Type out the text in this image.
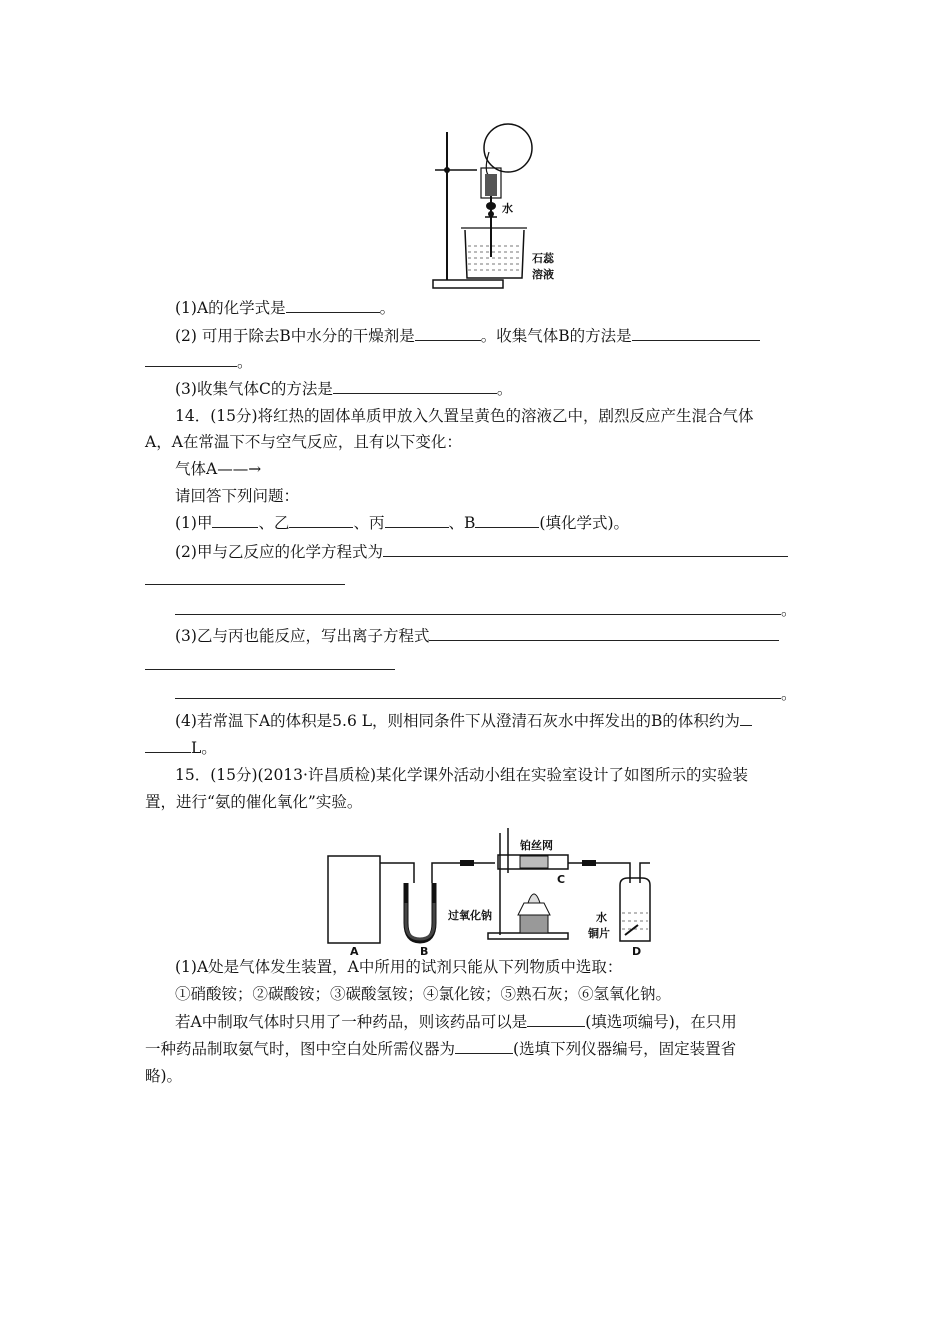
水
石蕊
溶液
(1)A的化学式是	。
(2) 可用于除去B中水分的干燥剂是	。收集气体B的方法是
。
(3)收集气体C的方法是	。
14．(15分)将红热的固体单质甲放入久置呈黄色的溶液乙中，剧烈反应产生混合气体
A，A在常温下不与空气反应，且有以下变化：
气体A——→
请回答下列问题：
(1)甲	、乙	、丙	、B	(填化学式)。
(2)甲与乙反应的化学方程式为
。
(3)乙与丙也能反应，写出离子方程式
。
(4)若常温下A的体积是5.6 L，则相同条件下从澄清石灰水中挥发出的B的体积约为
L。
15．(15分)(2013·许昌质检)某化学课外活动小组在实验室设计了如图所示的实验装
置，进行“氨的催化氧化”实验。
A
过氧化钠
B
铂丝网
C
水
铜片
D
(1)A处是气体发生装置，A中所用的试剂只能从下列物质中选取：
①硝酸铵；②碳酸铵；③碳酸氢铵；④氯化铵；⑤熟石灰；⑥氢氧化钠。
若A中制取气体时只用了一种药品，则该药品可以是	(填选项编号)，在只用
一种药品制取氨气时，图中空白处所需仪器为	(选填下列仪器编号，固定装置省
略)。
